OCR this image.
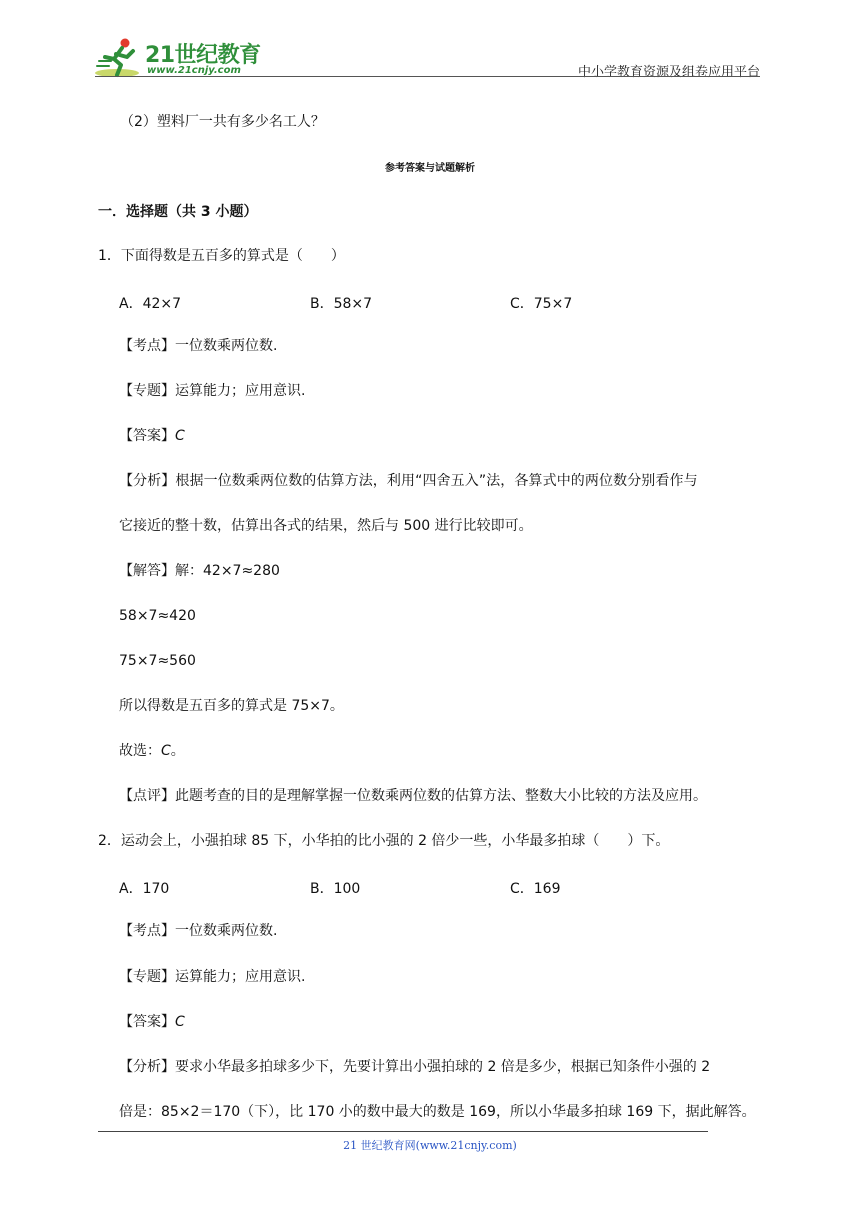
21世纪教育
www.21cnjy.com	中小学教育资源及组卷应用平台
（2）塑料厂一共有多少名工人？
参考答案与试题解析
一．选择题（共 3 小题）
1．下面得数是五百多的算式是（　　）
A．42×7	B．58×7	C．75×7
【考点】一位数乘两位数.
【专题】运算能力；应用意识.
【答案】C
【分析】根据一位数乘两位数的估算方法，利用“四舍五入”法，各算式中的两位数分别看作与
它接近的整十数，估算出各式的结果，然后与 500 进行比较即可。
【解答】解：42×7≈280
58×7≈420
75×7≈560
所以得数是五百多的算式是 75×7。
故选：C。
【点评】此题考查的目的是理解掌握一位数乘两位数的估算方法、整数大小比较的方法及应用。
2．运动会上，小强拍球 85 下，小华拍的比小强的 2 倍少一些，小华最多拍球（　　）下。
A．170	B．100	C．169
【考点】一位数乘两位数.
【专题】运算能力；应用意识.
【答案】C
【分析】要求小华最多拍球多少下，先要计算出小强拍球的 2 倍是多少，根据已知条件小强的 2
倍是：85×2＝170（下），比 170 小的数中最大的数是 169，所以小华最多拍球 169 下，据此解答。
21 世纪教育网(www.21cnjy.com)
